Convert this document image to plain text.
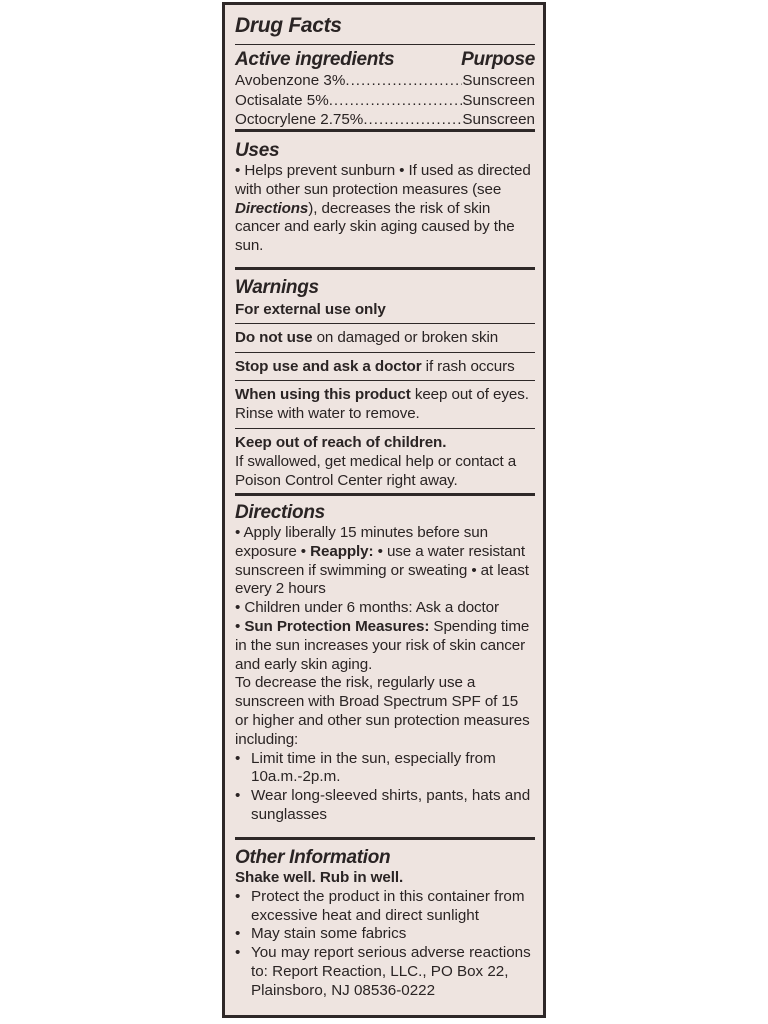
Drug Facts
Active ingredients	Purpose
Avobenzone 3% .....	Sunscreen
Octisalate 5% .....	Sunscreen
Octocrylene 2.75% .....	Sunscreen
Uses
• Helps prevent sunburn • If used as directed with other sun protection measures (see Directions), decreases the risk of skin cancer and early skin aging caused by the sun.
Warnings
For external use only
Do not use on damaged or broken skin
Stop use and ask a doctor if rash occurs
When using this product keep out of eyes. Rinse with water to remove.
Keep out of reach of children.
If swallowed, get medical help or contact a Poison Control Center right away.
Directions
• Apply liberally 15 minutes before sun exposure • Reapply: • use a water resistant sunscreen if swimming or sweating • at least every 2 hours
• Children under 6 months: Ask a doctor
• Sun Protection Measures: Spending time in the sun increases your risk of skin cancer and early skin aging.
To decrease the risk, regularly use a sunscreen with Broad Spectrum SPF of 15 or higher and other sun protection measures including:
• Limit time in the sun, especially from 10a.m.-2p.m.
• Wear long-sleeved shirts, pants, hats and sunglasses
Other Information
Shake well. Rub in well.
• Protect the product in this container from excessive heat and direct sunlight
• May stain some fabrics
• You may report serious adverse reactions to: Report Reaction, LLC., PO Box 22, Plainsboro, NJ 08536-0222
